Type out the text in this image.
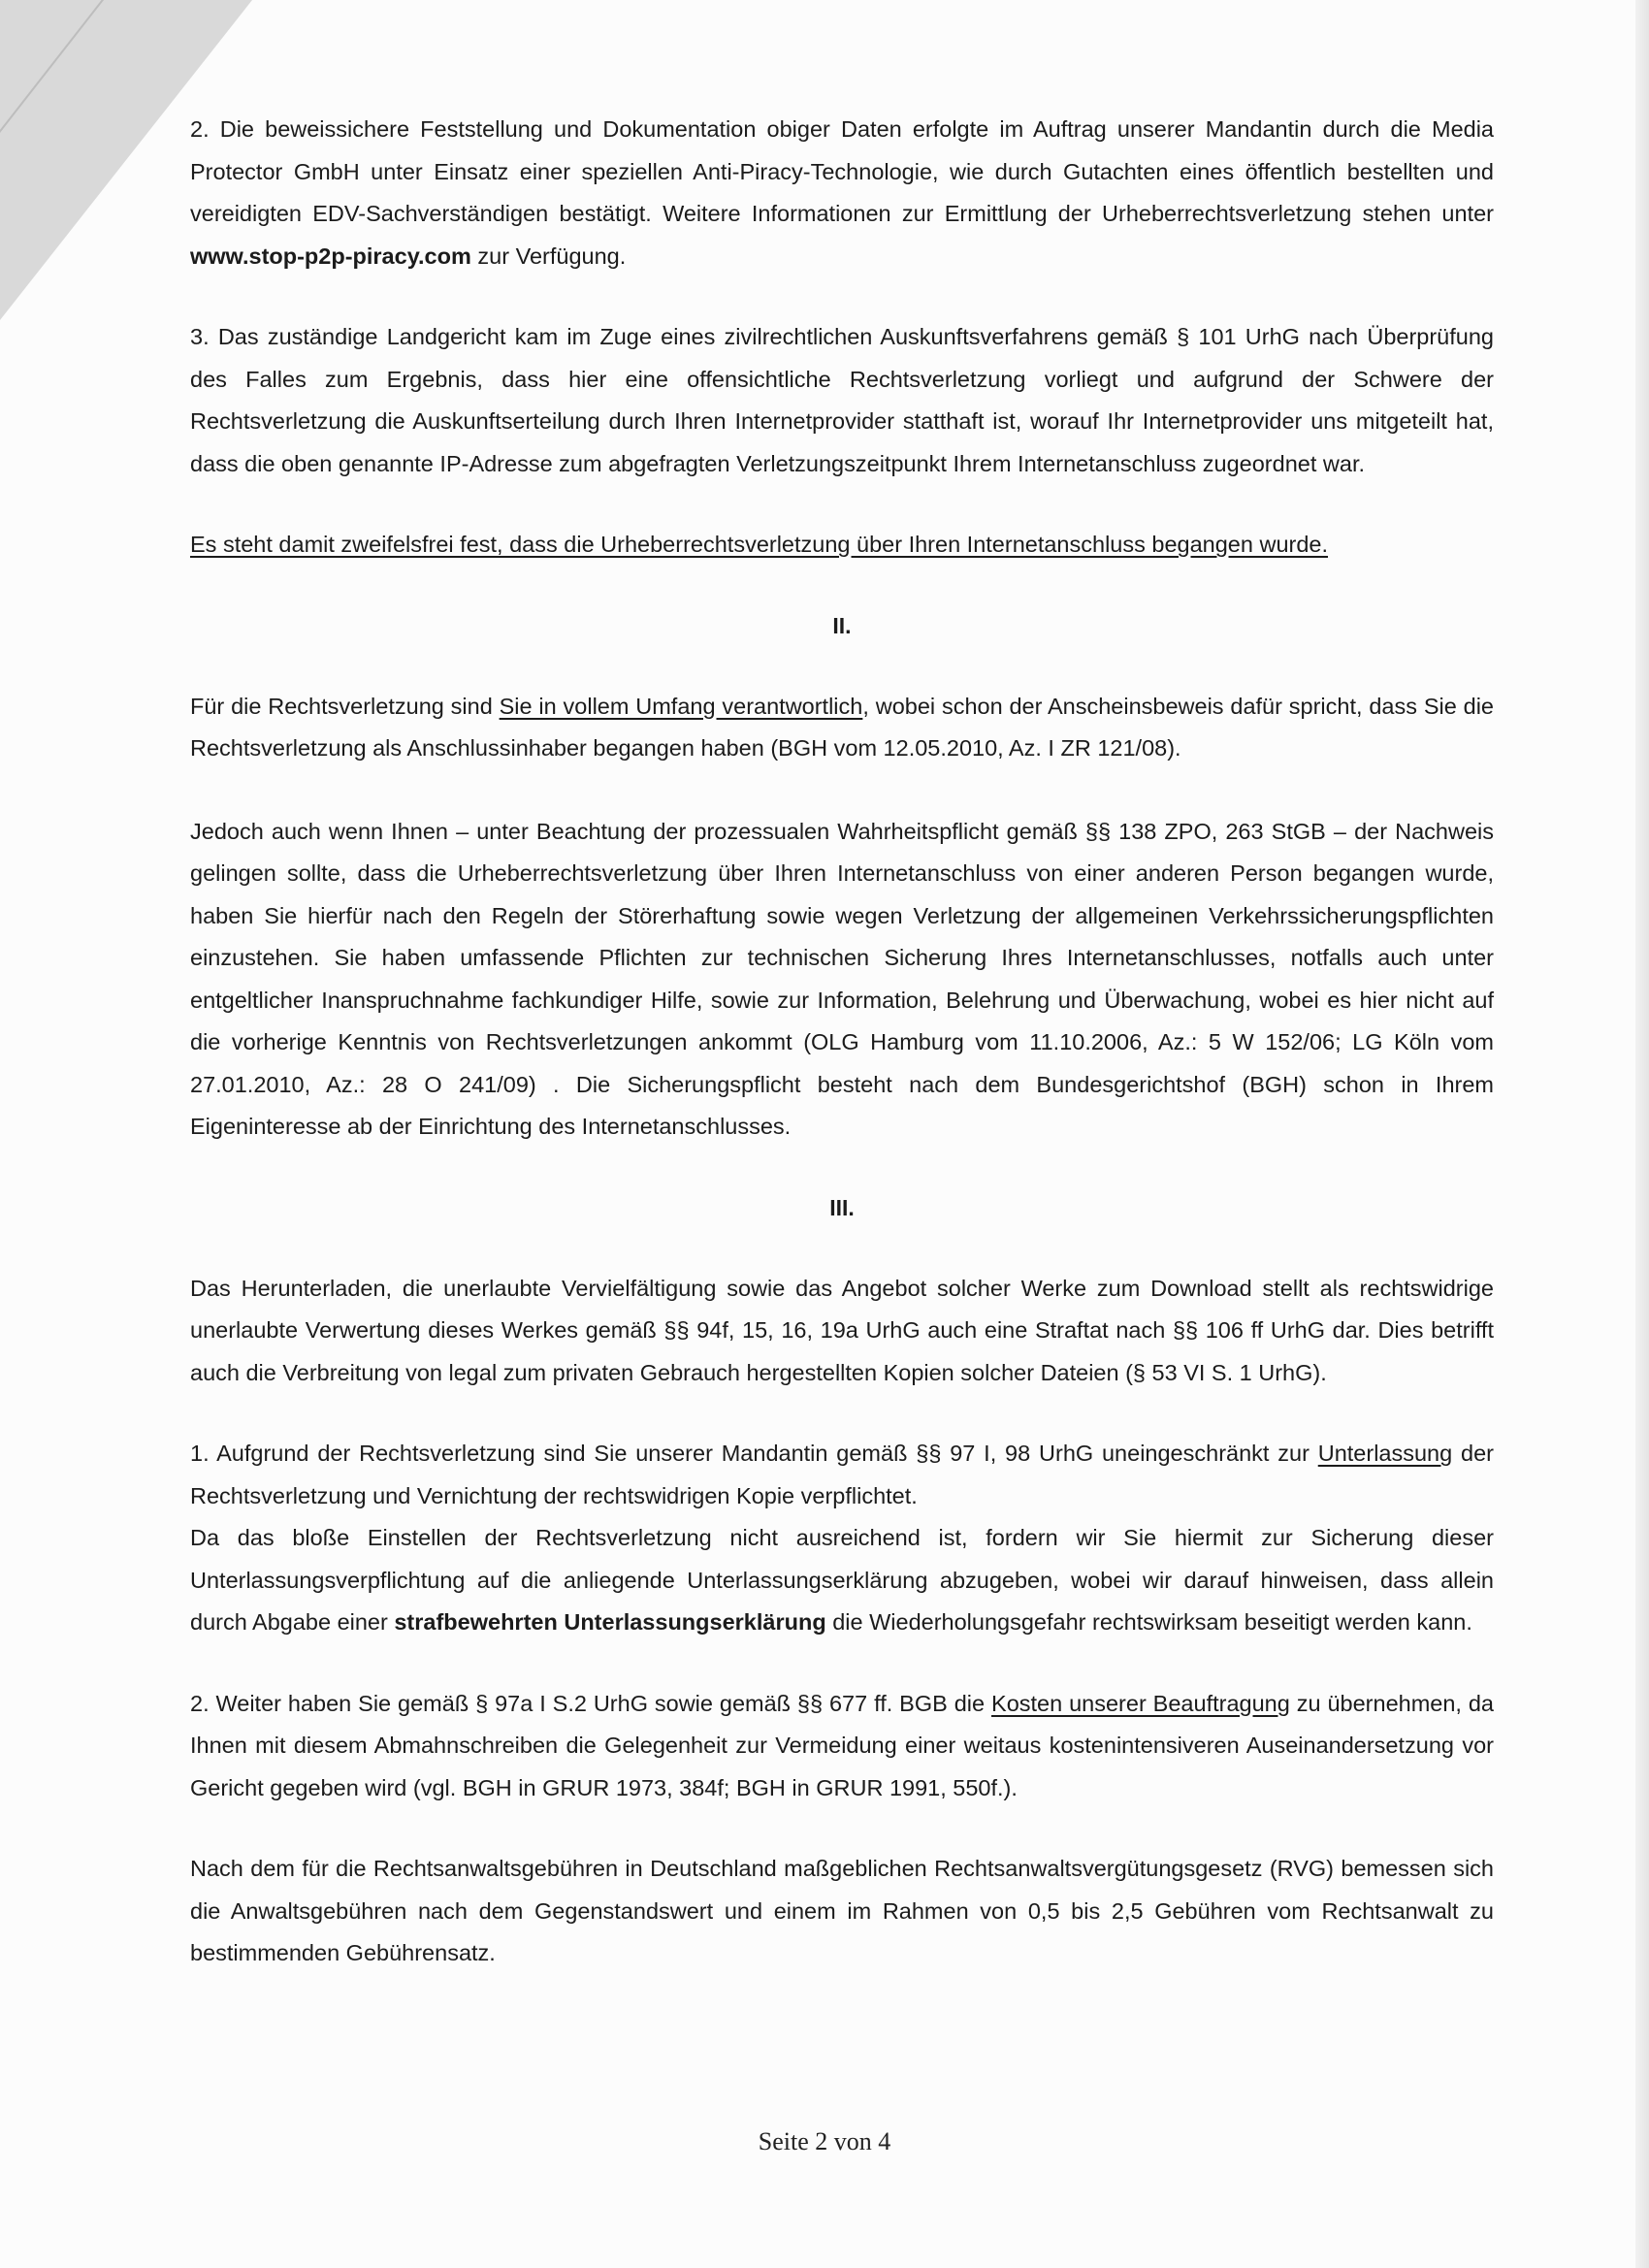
2. Die beweissichere Feststellung und Dokumentation obiger Daten erfolgte im Auftrag unserer Mandantin durch die Media Protector GmbH unter Einsatz einer speziellen Anti-Piracy-Technologie, wie durch Gutachten eines öffentlich bestellten und vereidigten EDV-Sachverständigen bestätigt. Weitere Informationen zur Ermittlung der Urheberrechtsverletzung stehen unter www.stop-p2p-piracy.com zur Verfügung.

3. Das zuständige Landgericht kam im Zuge eines zivilrechtlichen Auskunftsverfahrens gemäß § 101 UrhG nach Überprüfung des Falles zum Ergebnis, dass hier eine offensichtliche Rechtsverletzung vorliegt und aufgrund der Schwere der Rechtsverletzung die Auskunftserteilung durch Ihren Internetprovider statthaft ist, worauf Ihr Internetprovider uns mitgeteilt hat, dass die oben genannte IP-Adresse zum abgefragten Verletzungszeitpunkt Ihrem Internetanschluss zugeordnet war.

Es steht damit zweifelsfrei fest, dass die Urheberrechtsverletzung über Ihren Internetanschluss begangen wurde.

II.

Für die Rechtsverletzung sind Sie in vollem Umfang verantwortlich, wobei schon der Anscheinsbeweis dafür spricht, dass Sie die Rechtsverletzung als Anschlussinhaber begangen haben (BGH vom 12.05.2010, Az. I ZR 121/08).

Jedoch auch wenn Ihnen – unter Beachtung der prozessualen Wahrheitspflicht gemäß §§ 138 ZPO, 263 StGB – der Nachweis gelingen sollte, dass die Urheberrechtsverletzung über Ihren Internetanschluss von einer anderen Person begangen wurde, haben Sie hierfür nach den Regeln der Störerhaftung sowie wegen Verletzung der allgemeinen Verkehrssicherungspflichten einzustehen. Sie haben umfassende Pflichten zur technischen Sicherung Ihres Internetanschlusses, notfalls auch unter entgeltlicher Inanspruchnahme fachkundiger Hilfe, sowie zur Information, Belehrung und Überwachung, wobei es hier nicht auf die vorherige Kenntnis von Rechtsverletzungen ankommt (OLG Hamburg vom 11.10.2006, Az.: 5 W 152/06; LG Köln vom 27.01.2010, Az.: 28 O 241/09) . Die Sicherungspflicht besteht nach dem Bundesgerichtshof (BGH) schon in Ihrem Eigeninteresse ab der Einrichtung des Internetanschlusses.

III.

Das Herunterladen, die unerlaubte Vervielfältigung sowie das Angebot solcher Werke zum Download stellt als rechtswidrige unerlaubte Verwertung dieses Werkes gemäß §§ 94f, 15, 16, 19a UrhG auch eine Straftat nach §§ 106 ff UrhG dar. Dies betrifft auch die Verbreitung von legal zum privaten Gebrauch hergestellten Kopien solcher Dateien (§ 53 VI S. 1 UrhG).

1. Aufgrund der Rechtsverletzung sind Sie unserer Mandantin gemäß §§ 97 I, 98 UrhG uneingeschränkt zur Unterlassung der Rechtsverletzung und Vernichtung der rechtswidrigen Kopie verpflichtet.

Da das bloße Einstellen der Rechtsverletzung nicht ausreichend ist, fordern wir Sie hiermit zur Sicherung dieser Unterlassungsverpflichtung auf die anliegende Unterlassungserklärung abzugeben, wobei wir darauf hinweisen, dass allein durch Abgabe einer strafbewehrten Unterlassungserklärung die Wiederholungsgefahr rechtswirksam beseitigt werden kann.

2. Weiter haben Sie gemäß § 97a I S.2 UrhG sowie gemäß §§ 677 ff. BGB die Kosten unserer Beauftragung zu übernehmen, da Ihnen mit diesem Abmahnschreiben die Gelegenheit zur Vermeidung einer weitaus kostenintensiveren Auseinandersetzung vor Gericht gegeben wird (vgl. BGH in GRUR 1973, 384f; BGH in GRUR 1991, 550f.).

Nach dem für die Rechtsanwaltsgebühren in Deutschland maßgeblichen Rechtsanwaltsvergütungsgesetz (RVG) bemessen sich die Anwaltsgebühren nach dem Gegenstandswert und einem im Rahmen von 0,5 bis 2,5 Gebühren vom Rechtsanwalt zu bestimmenden Gebührensatz.

Seite 2 von 4
